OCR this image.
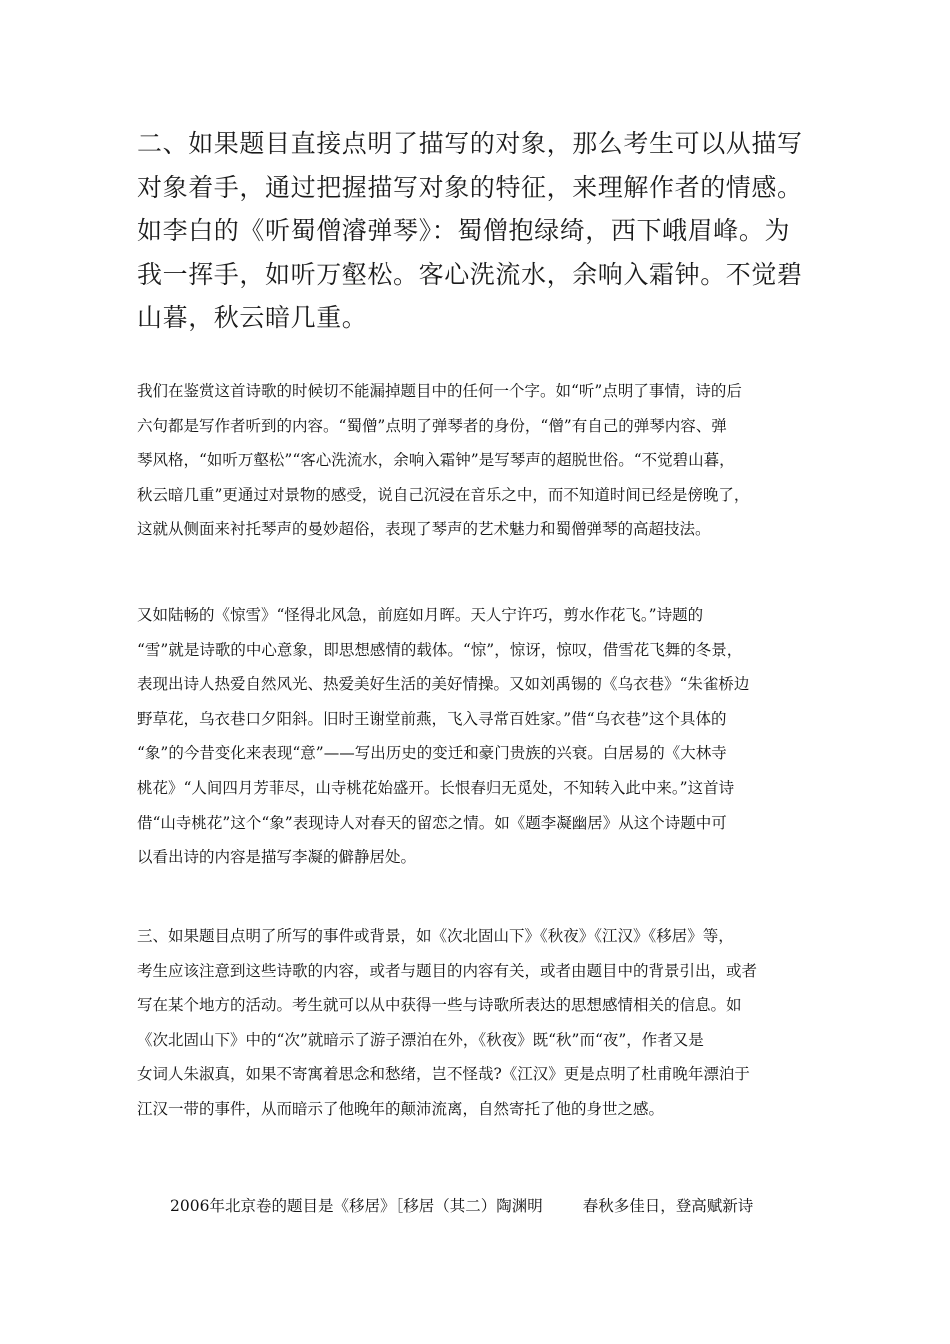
二、如果题目直接点明了描写的对象，那么考生可以从描写
对象着手，通过把握描写对象的特征，来理解作者的情感。
如李白的《听蜀僧濬弹琴》：蜀僧抱绿绮，西下峨眉峰。为
我一挥手，如听万壑松。客心洗流水，余响入霜钟。不觉碧
山暮，秋云暗几重。
我们在鉴赏这首诗歌的时候切不能漏掉题目中的任何一个字。如“听”点明了事情，诗的后
六句都是写作者听到的内容。“蜀僧”点明了弹琴者的身份，“僧”有自己的弹琴内容、弹
琴风格，“如听万壑松”“客心洗流水，余响入霜钟”是写琴声的超脱世俗。“不觉碧山暮，
秋云暗几重”更通过对景物的感受，说自己沉浸在音乐之中，而不知道时间已经是傍晚了，
这就从侧面来衬托琴声的曼妙超俗，表现了琴声的艺术魅力和蜀僧弹琴的高超技法。
又如陆畅的《惊雪》“怪得北风急，前庭如月晖。天人宁许巧，剪水作花飞。”诗题的
“雪”就是诗歌的中心意象，即思想感情的载体。“惊”，惊讶，惊叹，借雪花飞舞的冬景，
表现出诗人热爱自然风光、热爱美好生活的美好情操。又如刘禹锡的《乌衣巷》“朱雀桥边
野草花，乌衣巷口夕阳斜。旧时王谢堂前燕，飞入寻常百姓家。”借“乌衣巷”这个具体的
“象”的今昔变化来表现“意”——写出历史的变迁和豪门贵族的兴衰。白居易的《大林寺
桃花》“人间四月芳菲尽，山寺桃花始盛开。长恨春归无觅处，不知转入此中来。”这首诗
借“山寺桃花”这个“象”表现诗人对春天的留恋之情。如《题李凝幽居》从这个诗题中可
以看出诗的内容是描写李凝的僻静居处。
三、如果题目点明了所写的事件或背景，如《次北固山下》《秋夜》《江汉》《移居》等，
考生应该注意到这些诗歌的内容，或者与题目的内容有关，或者由题目中的背景引出，或者
写在某个地方的活动。考生就可以从中获得一些与诗歌所表达的思想感情相关的信息。如
《次北固山下》中的“次”就暗示了游子漂泊在外，《秋夜》既“秋”而“夜”，作者又是
女词人朱淑真，如果不寄寓着思念和愁绪，岂不怪哉?《江汉》更是点明了杜甫晚年漂泊于
江汉一带的事件，从而暗示了他晚年的颠沛流离，自然寄托了他的身世之感。
2006年北京卷的题目是《移居》［移居（其二）陶渊明	春秋多佳日，登高赋新诗
